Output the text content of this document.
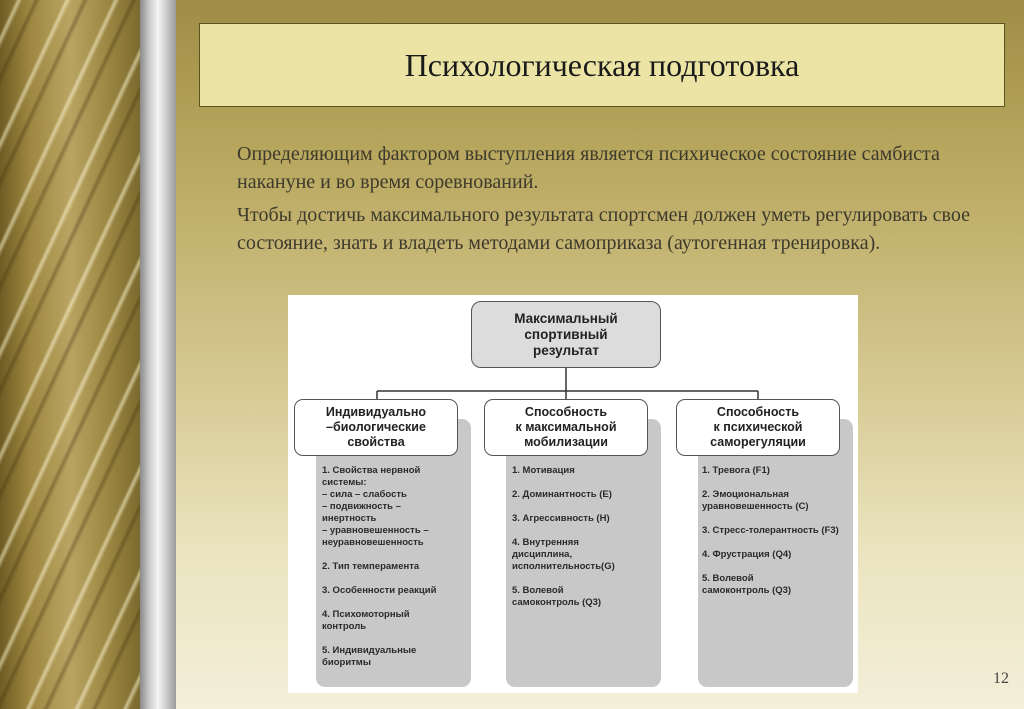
Психологическая подготовка

Определяющим фактором выступления является психическое состояние самбиста накануне и во время соревнований.

Чтобы достичь максимального результата спортсмен должен уметь регулировать свое состояние, знать и владеть методами самоприказа (аутогенная тренировка).

Максимальный
спортивный
результат
Индивидуально
–биологические
свойства
Способность
к максимальной
мобилизации
Способность
к психической
саморегуляции
1. Свойства нервной
системы:
– сила – слабость
– подвижность –
инертность
– уравновешенность –
неуравновешенность
2. Тип темперамента
3. Особенности реакций
4. Психомоторный
контроль
5. Индивидуальные
биоритмы
1. Мотивация
2. Доминантность (Е)
3. Агрессивность (Н)
4. Внутренняя
дисциплина,
исполнительность(G)
5. Волевой
самоконтроль (Q3)
1. Тревога (F1)
2. Эмоциональная
уравновешенность (С)
3. Стресс-толерантность (F3)
4. Фрустрация (Q4)
5. Волевой
самоконтроль (Q3)
12
